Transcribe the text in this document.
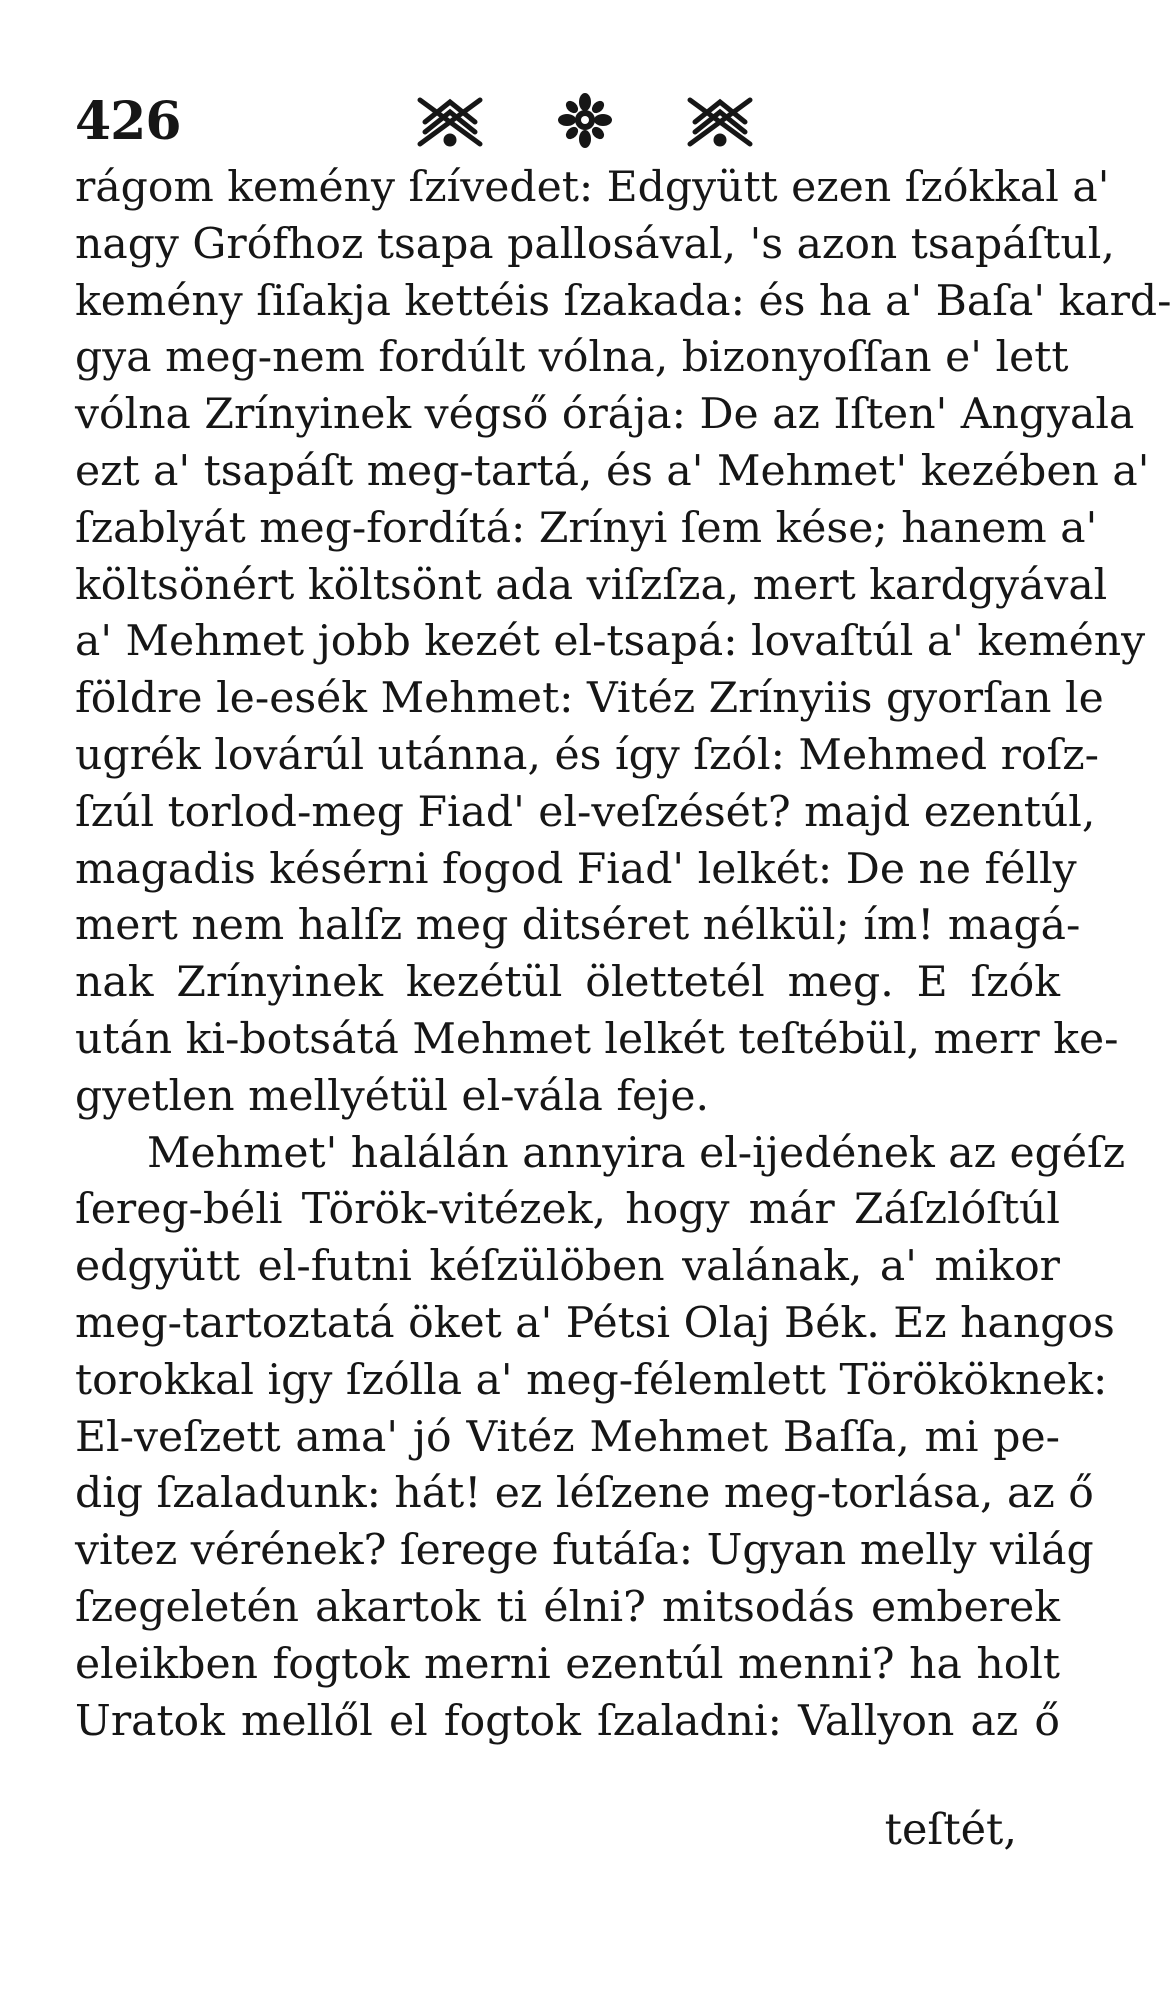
426
rágom kemény ſzívedet: Edgyütt ezen ſzókkal a'
nagy Grófhoz tsapa pallosával, 's azon tsapáſtul,
kemény ſiſakja kettéis ſzakada: és ha a' Baſa' kard-
gya meg-nem fordúlt vólna, bizonyoſſan e' lett
vólna Zrínyinek végső órája: De az Iſten' Angyala
ezt a' tsapáſt meg-tartá, és a' Mehmet' kezében a'
ſzablyát meg-fordítá: Zrínyi ſem kése; hanem a'
költsönért költsönt ada viſzſza, mert kardgyával
a' Mehmet jobb kezét el-tsapá: lovaſtúl a' kemény
földre le-esék Mehmet: Vitéz Zrínyiis gyorſan le
ugrék lovárúl utánna, és így ſzól: Mehmed roſz-
ſzúl torlod-meg Fiad' el-veſzését? majd ezentúl,
magadis késérni fogod Fiad' lelkét: De ne félly
mert nem halſz meg ditséret nélkül; ím! magá-
nak Zrínyinek kezétül ölettetél meg. E ſzók
után ki-botsátá Mehmet lelkét teſtébül, merr ke-
gyetlen mellyétül el-vála feje.
Mehmet' halálán annyira el-ijedének az egéſz
ſereg-béli Török-vitézek, hogy már Záſzlóſtúl
edgyütt el-futni kéſzülöben valának, a' mikor
meg-tartoztatá öket a' Pétsi Olaj Bék. Ez hangos
torokkal igy ſzólla a' meg-félemlett Törököknek:
El-veſzett ama' jó Vitéz Mehmet Baſſa, mi pe-
dig ſzaladunk: hát! ez léſzene meg-torlása, az ő
vitez vérének? ſerege futáſa: Ugyan melly világ
ſzegeletén akartok ti élni? mitsodás emberek
eleikben fogtok merni ezentúl menni? ha holt
Uratok mellől el fogtok ſzaladni: Vallyon az ő
teſtét,
